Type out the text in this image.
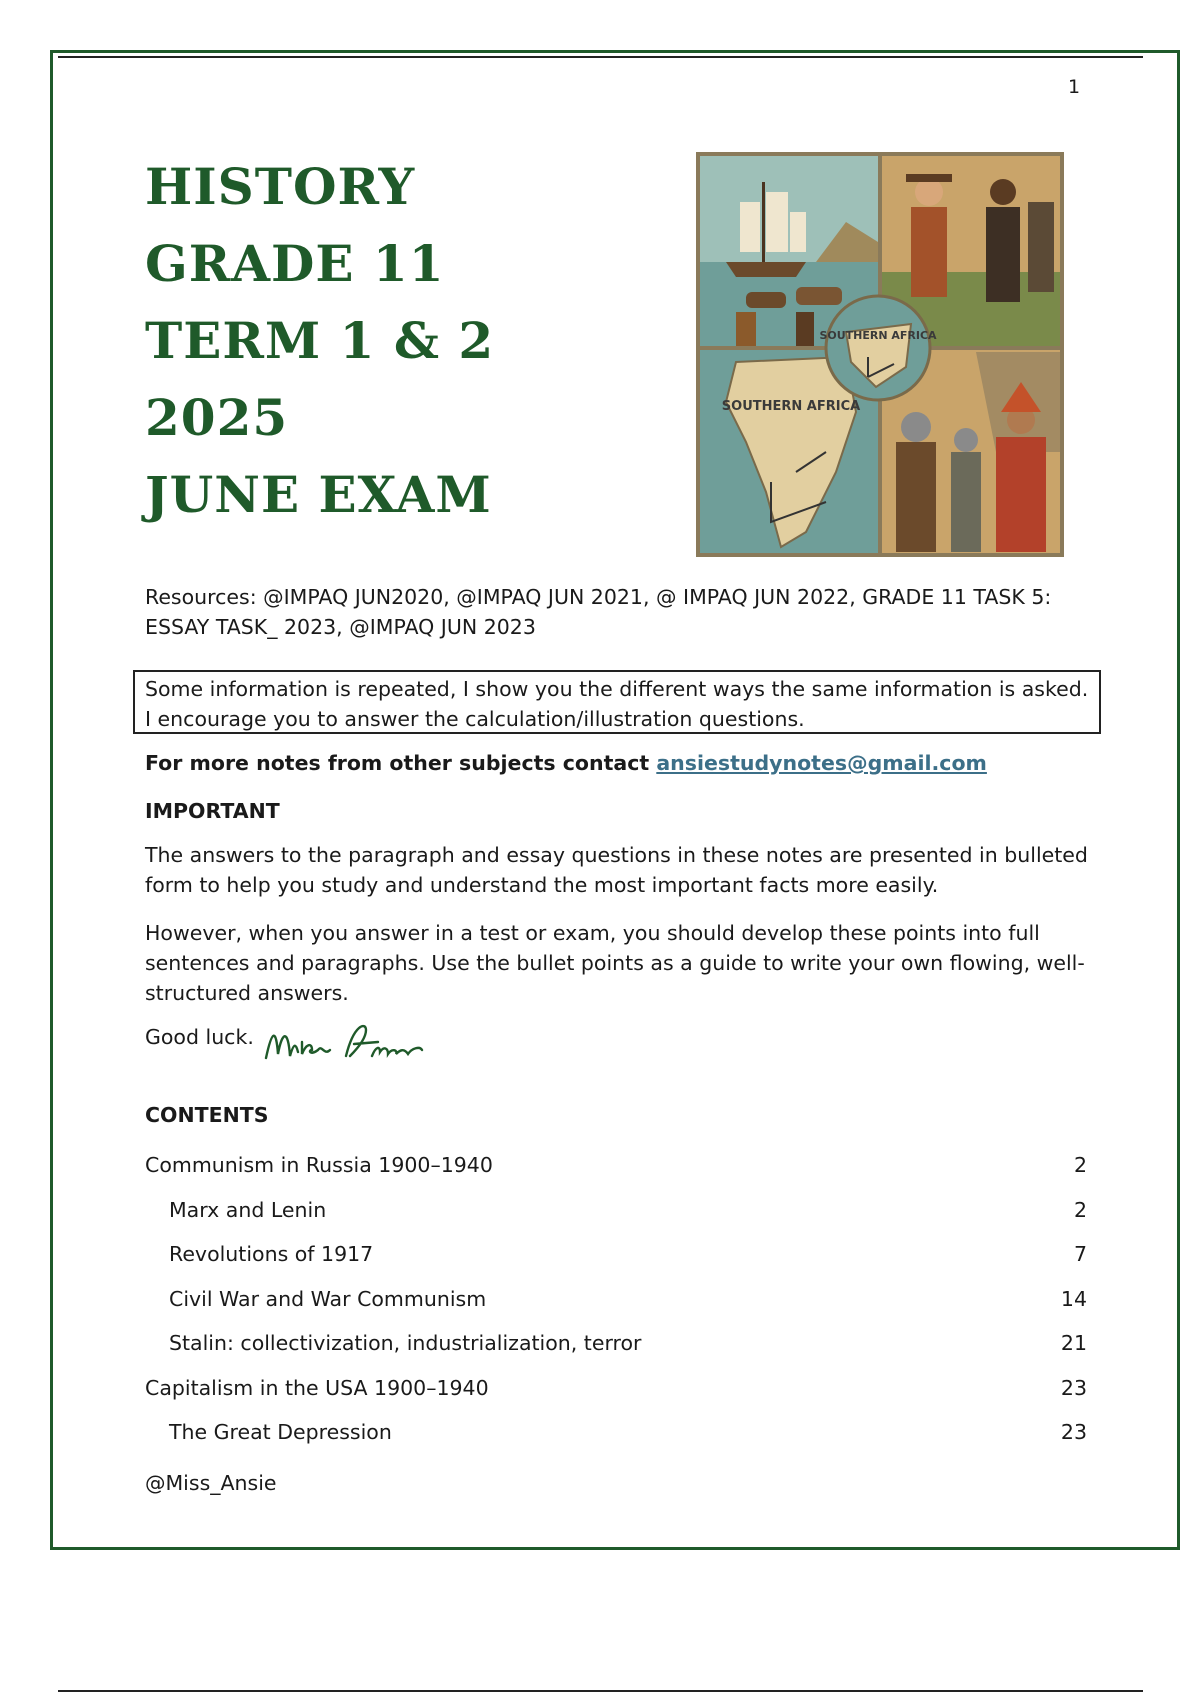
1
HISTORY
GRADE 11
TERM 1 & 2
2025
JUNE EXAM
SOUTHERN AFRICA
SOUTHERN AFRICA
Resources: @IMPAQ JUN2020, @IMPAQ JUN 2021, @ IMPAQ JUN 2022, GRADE 11 TASK 5: ESSAY TASK_ 2023, @IMPAQ JUN 2023
Some information is repeated, I show you the different ways the same information is asked.
I encourage you to answer the calculation/illustration questions.
For more notes from other subjects contact ansiestudynotes@gmail.com
IMPORTANT
The answers to the paragraph and essay questions in these notes are presented in bulleted form to help you study and understand the most important facts more easily.
However, when you answer in a test or exam, you should develop these points into full sentences and paragraphs. Use the bullet points as a guide to write your own flowing, well-structured answers.
Good luck.
CONTENTS
Communism in Russia 1900–1940	2
Marx and Lenin	2
Revolutions of 1917	7
Civil War and War Communism	14
Stalin: collectivization, industrialization, terror	21
Capitalism in the USA 1900–1940	23
The Great Depression	23
@Miss_Ansie
